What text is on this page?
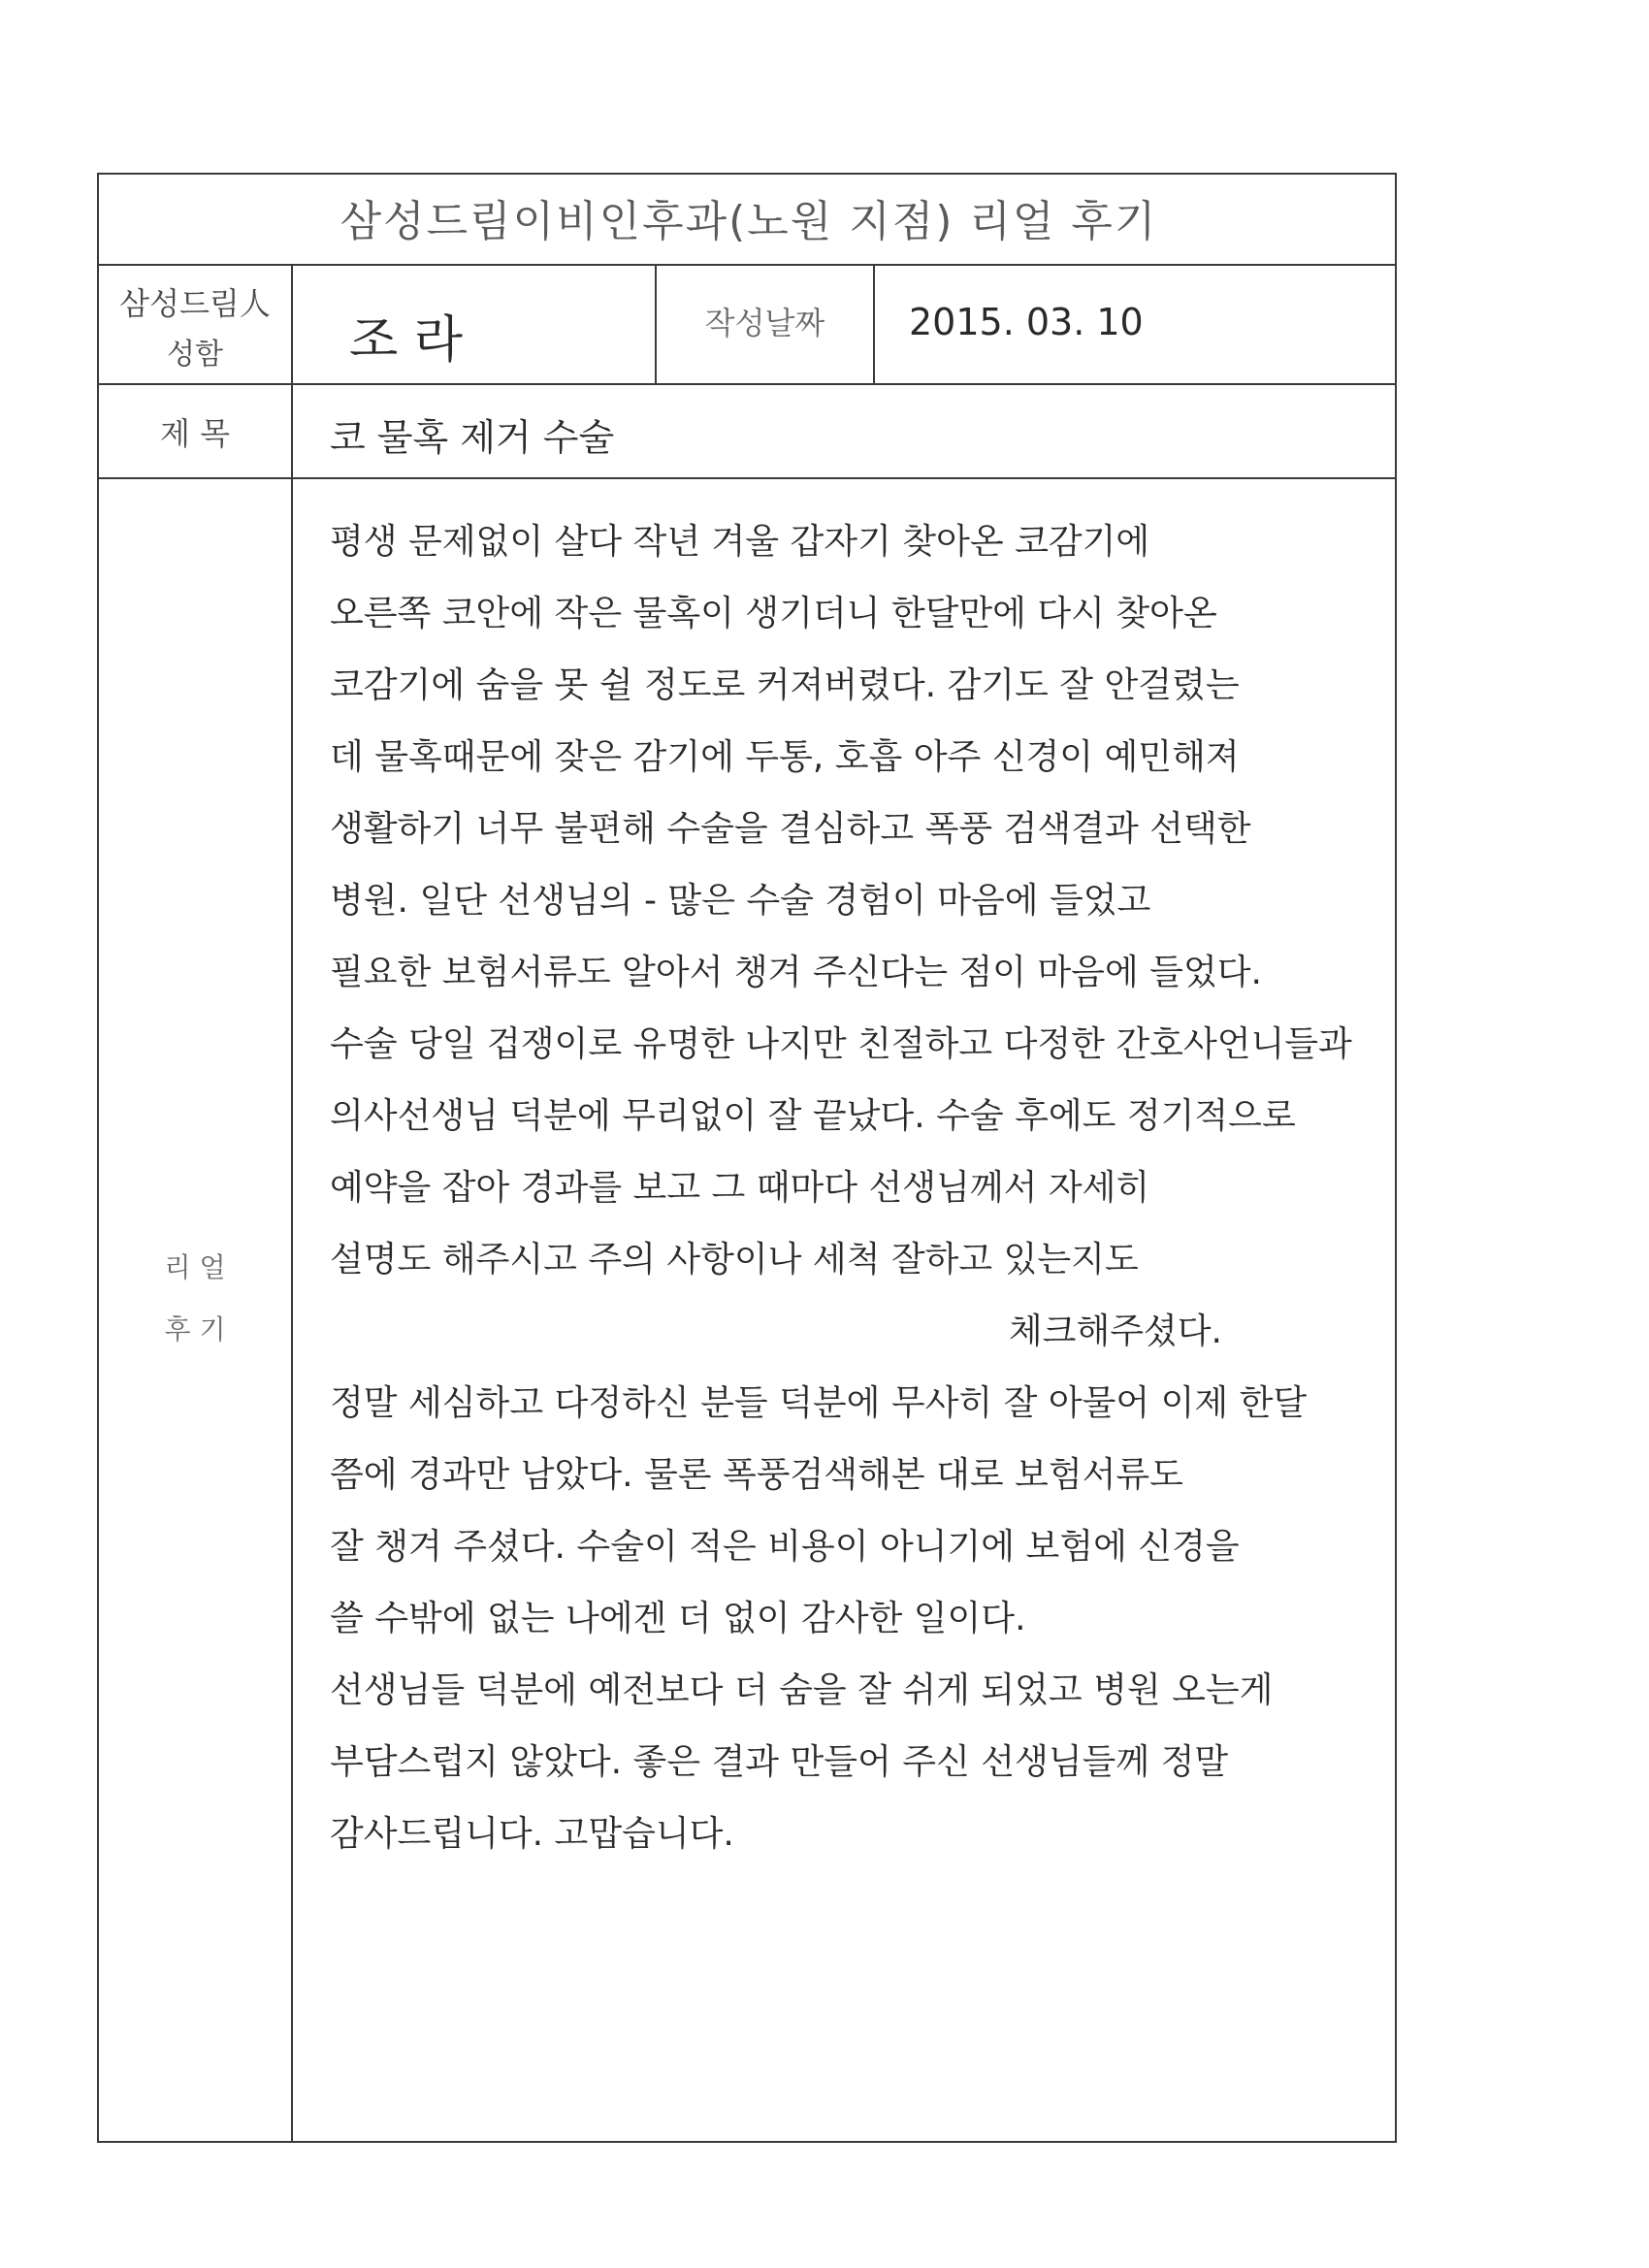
삼성드림이비인후과(노원 지점) 리얼 후기
삼성드림人
성함	조 라	작성날짜	2015. 03. 10
제 목	코 물혹 제거 수술
리 얼
후 기
평생 문제없이 살다 작년 겨울 갑자기 찾아온 코감기에
오른쪽 코안에 작은 물혹이 생기더니 한달만에 다시 찾아온
코감기에 숨을 못 쉴 정도로 커져버렸다. 감기도 잘 안걸렸는
데 물혹때문에 잦은 감기에 두통, 호흡 아주 신경이 예민해져
생활하기 너무 불편해 수술을 결심하고 폭풍 검색결과 선택한
병원. 일단 선생님의 - 많은 수술 경험이 마음에 들었고
필요한 보험서류도 알아서 챙겨 주신다는 점이 마음에 들었다.
수술 당일 겁쟁이로 유명한 나지만 친절하고 다정한 간호사언니들과
의사선생님 덕분에 무리없이 잘 끝났다. 수술 후에도 정기적으로
예약을 잡아 경과를 보고 그 때마다 선생님께서 자세히
설명도 해주시고 주의 사항이나 세척 잘하고 있는지도
체크해주셨다.
정말 세심하고 다정하신 분들 덕분에 무사히 잘 아물어 이제 한달
쯤에 경과만 남았다. 물론 폭풍검색해본 대로 보험서류도
잘 챙겨 주셨다. 수술이 적은 비용이 아니기에 보험에 신경을
쓸 수밖에 없는 나에겐 더 없이 감사한 일이다.
선생님들 덕분에 예전보다 더 숨을 잘 쉬게 되었고 병원 오는게
부담스럽지 않았다. 좋은 결과 만들어 주신 선생님들께 정말
감사드립니다. 고맙습니다.
